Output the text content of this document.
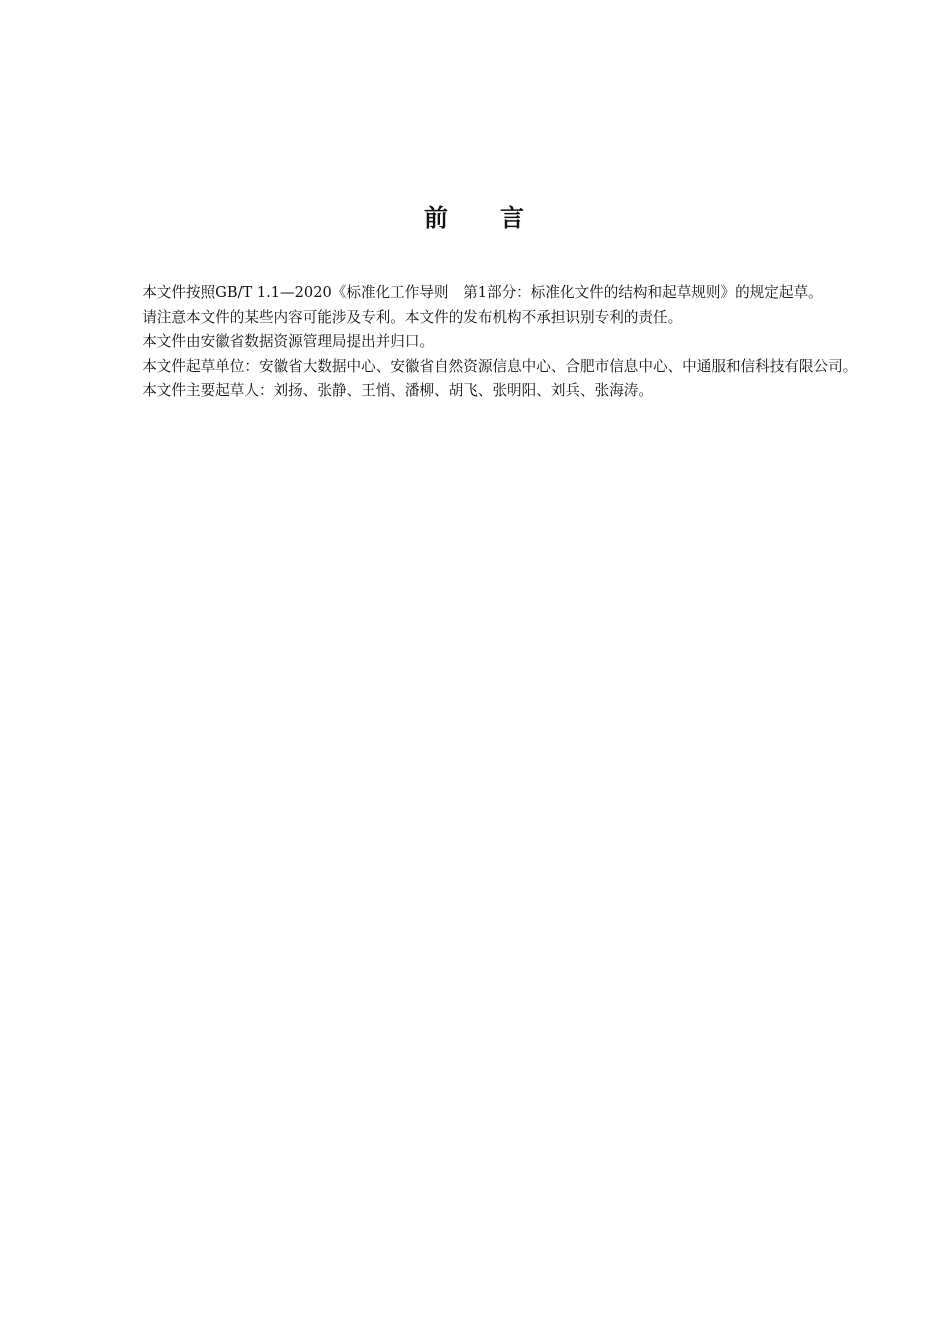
前 言

本文件按照GB/T 1.1—2020《标准化工作导则　第1部分：标准化文件的结构和起草规则》的规定起草。

请注意本文件的某些内容可能涉及专利。本文件的发布机构不承担识别专利的责任。

本文件由安徽省数据资源管理局提出并归口。

本文件起草单位：安徽省大数据中心、安徽省自然资源信息中心、合肥市信息中心、中通服和信科技有限公司。

本文件主要起草人：刘扬、张静、王悄、潘柳、胡飞、张明阳、刘兵、张海涛。
